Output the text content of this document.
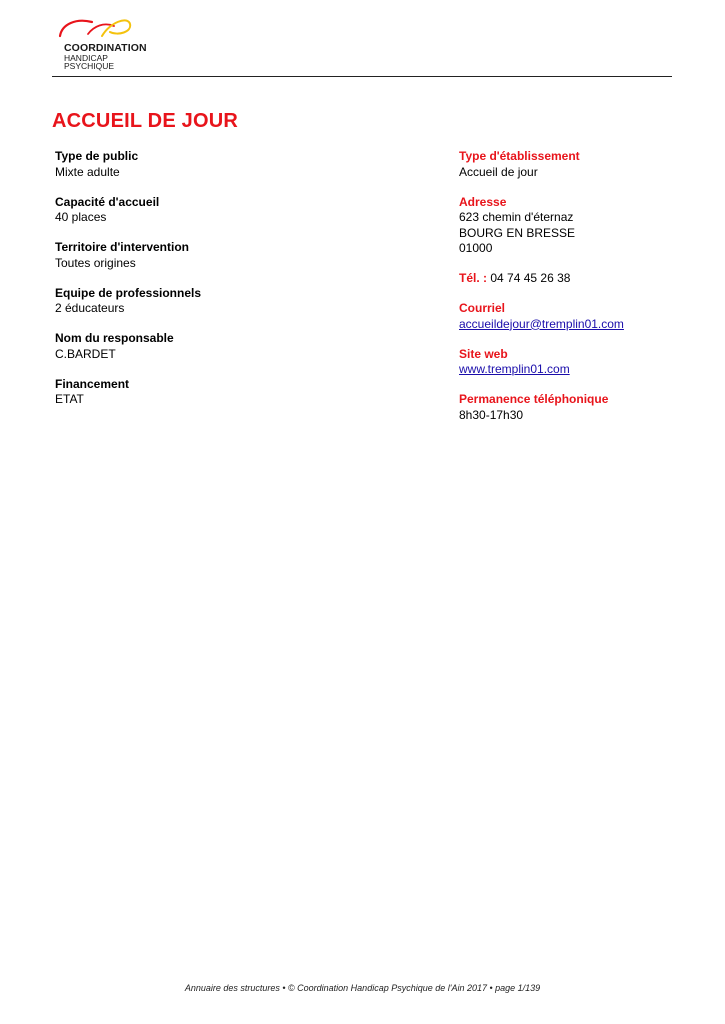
COORDINATION
HANDICAP
PSYCHIQUE
ACCUEIL DE JOUR
Type de public
Mixte adulte
Capacité d'accueil
40 places
Territoire d'intervention
Toutes origines
Equipe de professionnels
2 éducateurs
Nom du responsable
C.BARDET
Financement
ETAT
Type d'établissement
Accueil de jour
Adresse
623 chemin d'éternaz
BOURG EN BRESSE
01000
Tél. : 04 74 45 26 38
Courriel
accueildejour@tremplin01.com
Site web
www.tremplin01.com
Permanence téléphonique
8h30-17h30
Annuaire des structures • © Coordination Handicap Psychique de l'Ain 2017 • page 1/139
